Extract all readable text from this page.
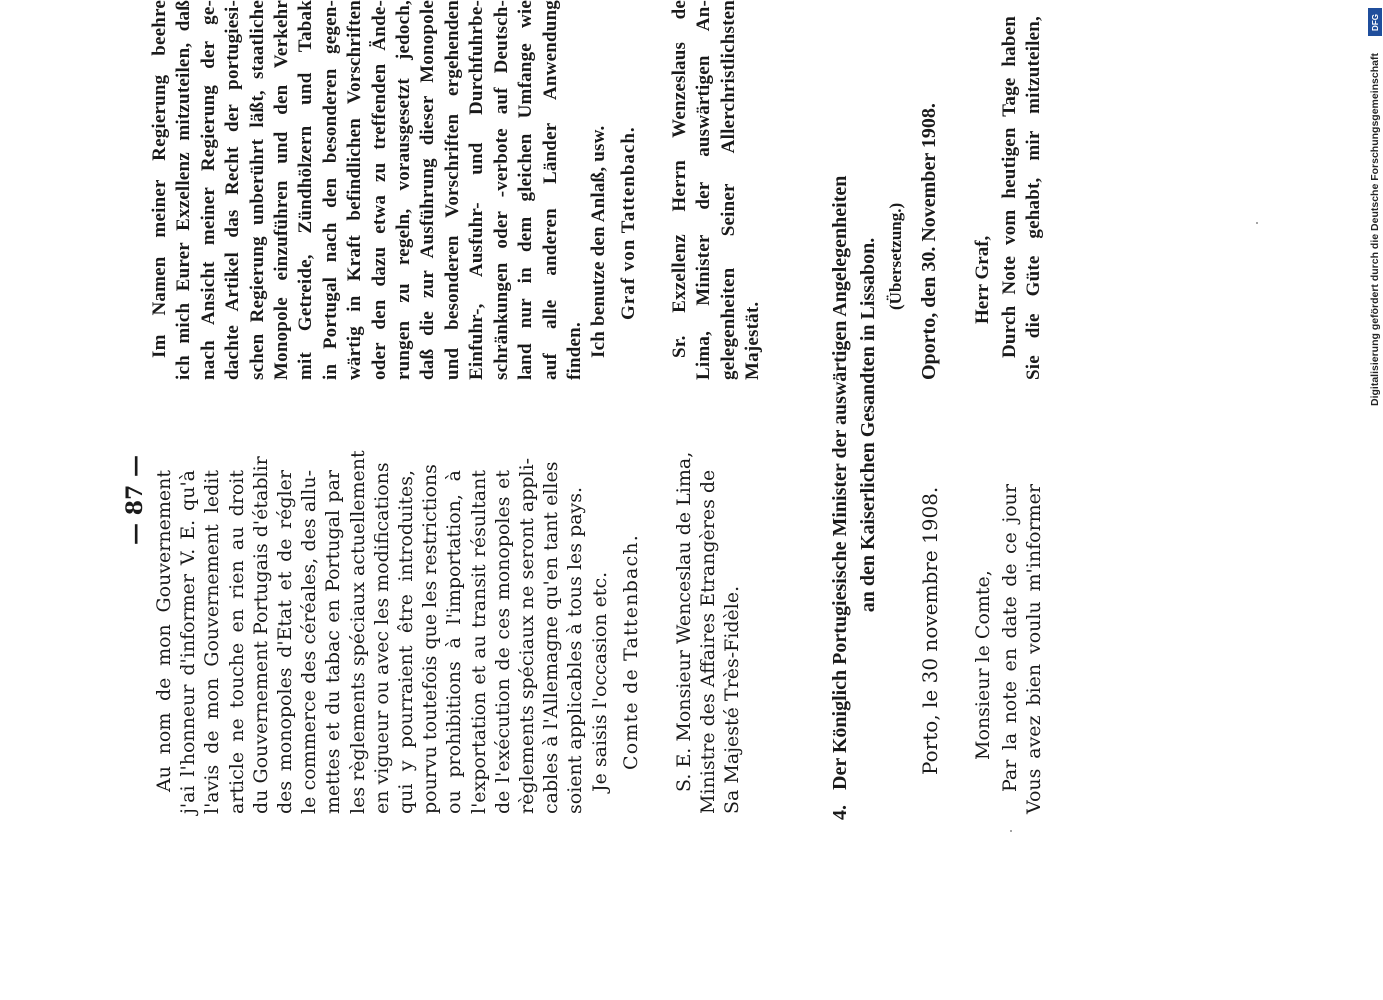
— 87 — Au nom de mon Gouvernement j'ai l'honneur d'informer V. E. qu'à l'avis de mon Gouvernement ledit article ne touche en rien au droit du Gouvernement Portugais d'établir des monopoles d'Etat et de régler le commerce des céréales, des allu- mettes et du tabac en Portugal par les règlements spéciaux actuellement en vigueur ou avec les modifications qui y pourraient être introduites, pourvu toutefois que les restrictions ou prohibitions à l'importation, à l'exportation et au transit résultant de l'exécution de ces monopoles et règlements spéciaux ne seront appli- cables à l'Allemagne qu'en tant elles soient applicables à tous les pays. Je saisis l'occasion etc. Comte de Tattenbach. S. E. Monsieur Wenceslau de Lima, Ministre des Affaires Etrangères de Sa Majesté Très-Fidèle.
Im Namen meiner Regierung beehre ich mich Eurer Exzellenz mitzuteilen, daß nach Ansicht meiner Regierung der ge- dachte Artikel das Recht der portugiesi- schen Regierung unberührt läßt, staatliche Monopole einzuführen und den Verkehr mit Getreide, Zündhölzern und Tabak in Portugal nach den besonderen gegen- wärtig in Kraft befindlichen Vorschriften oder den dazu etwa zu treffenden Ände- rungen zu regeln, vorausgesetzt jedoch, daß die zur Ausführung dieser Monopole und besonderen Vorschriften ergehenden Einfuhr-, Ausfuhr- und Durchfuhrbe- schränkungen oder -verbote auf Deutsch- land nur in dem gleichen Umfange wie auf alle anderen Länder Anwendung finden. Ich benutze den Anlaß, usw. Graf von Tattenbach. Sr. Exzellenz Herrn Wenzeslaus de Lima, Minister der auswärtigen An- gelegenheiten Seiner Allerchristlichsten Majestät.
4.Der Königlich Portugiesische Minister der auswärtigen Angelegenheiten an den Kaiserlichen Gesandten in Lissabon. (Übersetzung.)
Porto, le 30 novembre 1908.
Oporto, den 30. November 1908.
Monsieur le Comte,
Herr Graf,
Par la note en date de ce jour Vous avez bien voulu m'informer
Durch Note vom heutigen Tage haben Sie die Güte gehabt, mir mitzuteilen,	DFG
Digitalisierung gefördert durch die Deutsche Forschungsgemeinschaft
